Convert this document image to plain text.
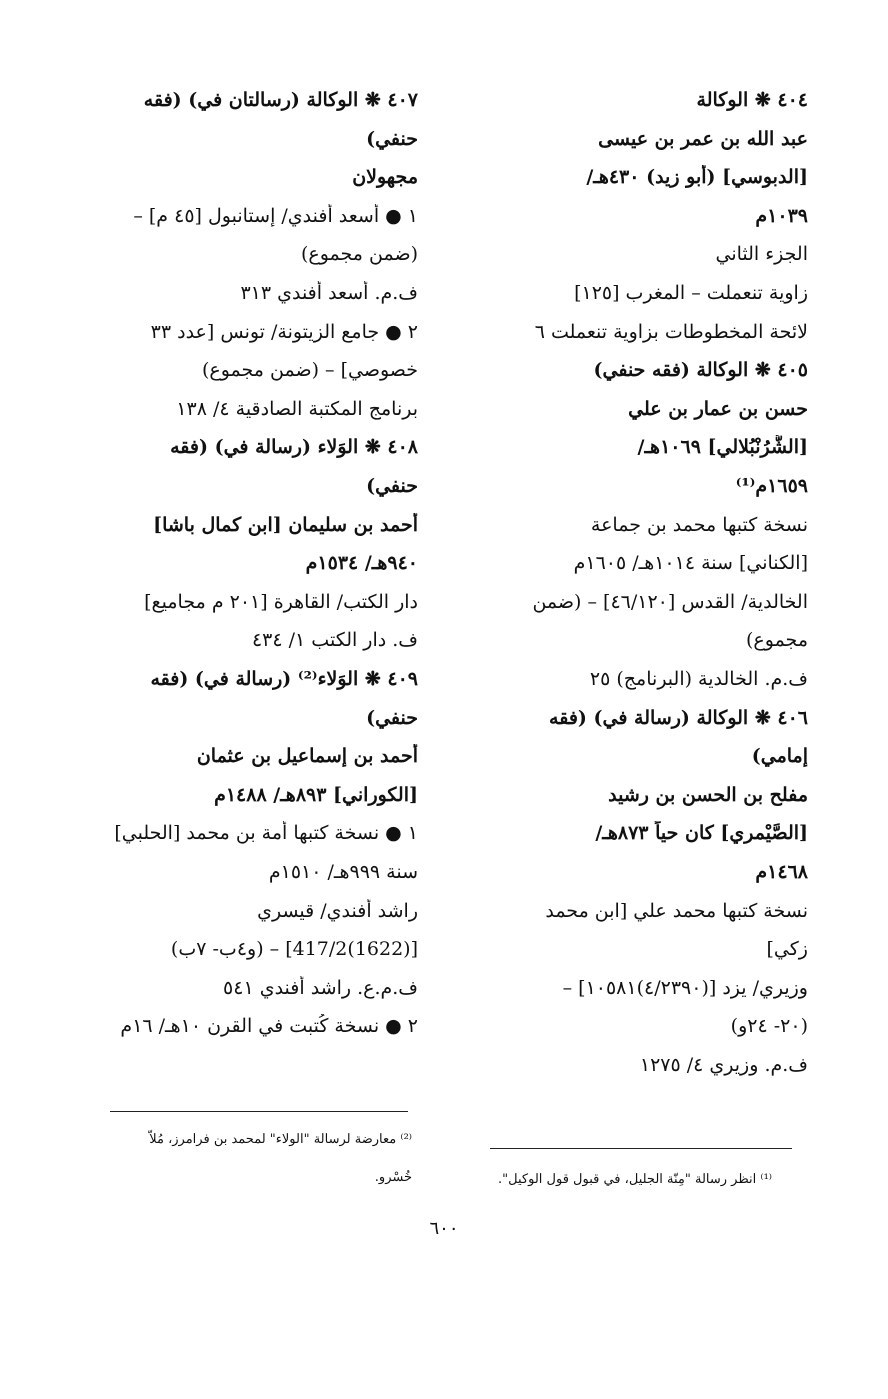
٤٠٤ ❋ الوكالة
عبد الله بن عمر بن عيسى
[الدبوسي] (أبو زيد) ٤٣٠هـ/
١٠٣٩م
الجزء الثاني
زاوية تنعملت – المغرب [١٢٥]
لائحة المخطوطات بزاوية تنعملت ٦
٤٠٥ ❋ الوكالة (فقه حنفي)
حسن بن عمار بن علي
[الشُّرُنْبُلالي] ١٠٦٩هـ/
١٦٥٩م⁽¹⁾
نسخة كتبها محمد بن جماعة
[الكناني] سنة ١٠١٤هـ/ ١٦٠٥م
الخالدية/ القدس [٤٦/١٢٠] – (ضمن
مجموع)
ف.م. الخالدية (البرنامج) ٢٥
٤٠٦ ❋ الوكالة (رسالة في) (فقه
إمامي)
مفلح بن الحسن بن رشيد
[الصَّيْمري] كان حياً ٨٧٣هـ/
١٤٦٨م
نسخة كتبها محمد علي [ابن محمد
زكي]
وزيري/ يزد [(٤/٢٣٩٠)١٠٥٨١] –
(٢٠- ٢٤و)
ف.م. وزيري ٤/ ١٢٧٥
٤٠٧ ❋ الوكالة (رسالتان في) (فقه
حنفي)
مجهولان
١ ● أسعد أفندي/ إستانبول [٤٥ م] –
(ضمن مجموع)
ف.م. أسعد أفندي ٣١٣
٢ ● جامع الزيتونة/ تونس [عدد ٣٣
خصوصي] – (ضمن مجموع)
برنامج المكتبة الصادقية ٤/ ١٣٨
٤٠٨ ❋ الوَلاء (رسالة في) (فقه
حنفي)
أحمد بن سليمان [ابن كمال باشا]
٩٤٠هـ/ ١٥٣٤م
دار الكتب/ القاهرة [٢٠١ م مجاميع]
ف. دار الكتب ١/ ٤٣٤
٤٠٩ ❋ الوَلاء⁽²⁾ (رسالة في) (فقه
حنفي)
أحمد بن إسماعيل بن عثمان
[الكوراني] ٨٩٣هـ/ ١٤٨٨م
١ ● نسخة كتبها أمة بن محمد [الحلبي]
سنة ٩٩٩هـ/ ١٥١٠م
راشد أفندي/ قيسري
[(1622)417/2] – (و٤ب- ٧ب)
ف.م.ع. راشد أفندي ٥٤١
٢ ● نسخة كُتبت في القرن ١٠هـ/ ١٦م
⁽¹⁾ انظر رسالة "مِنّة الجليل، في قبول قول الوكيل".
⁽²⁾ معارضة لرسالة "الولاء" لمحمد بن فرامرز، مُلاّ
خُسْرو.
٦٠٠
